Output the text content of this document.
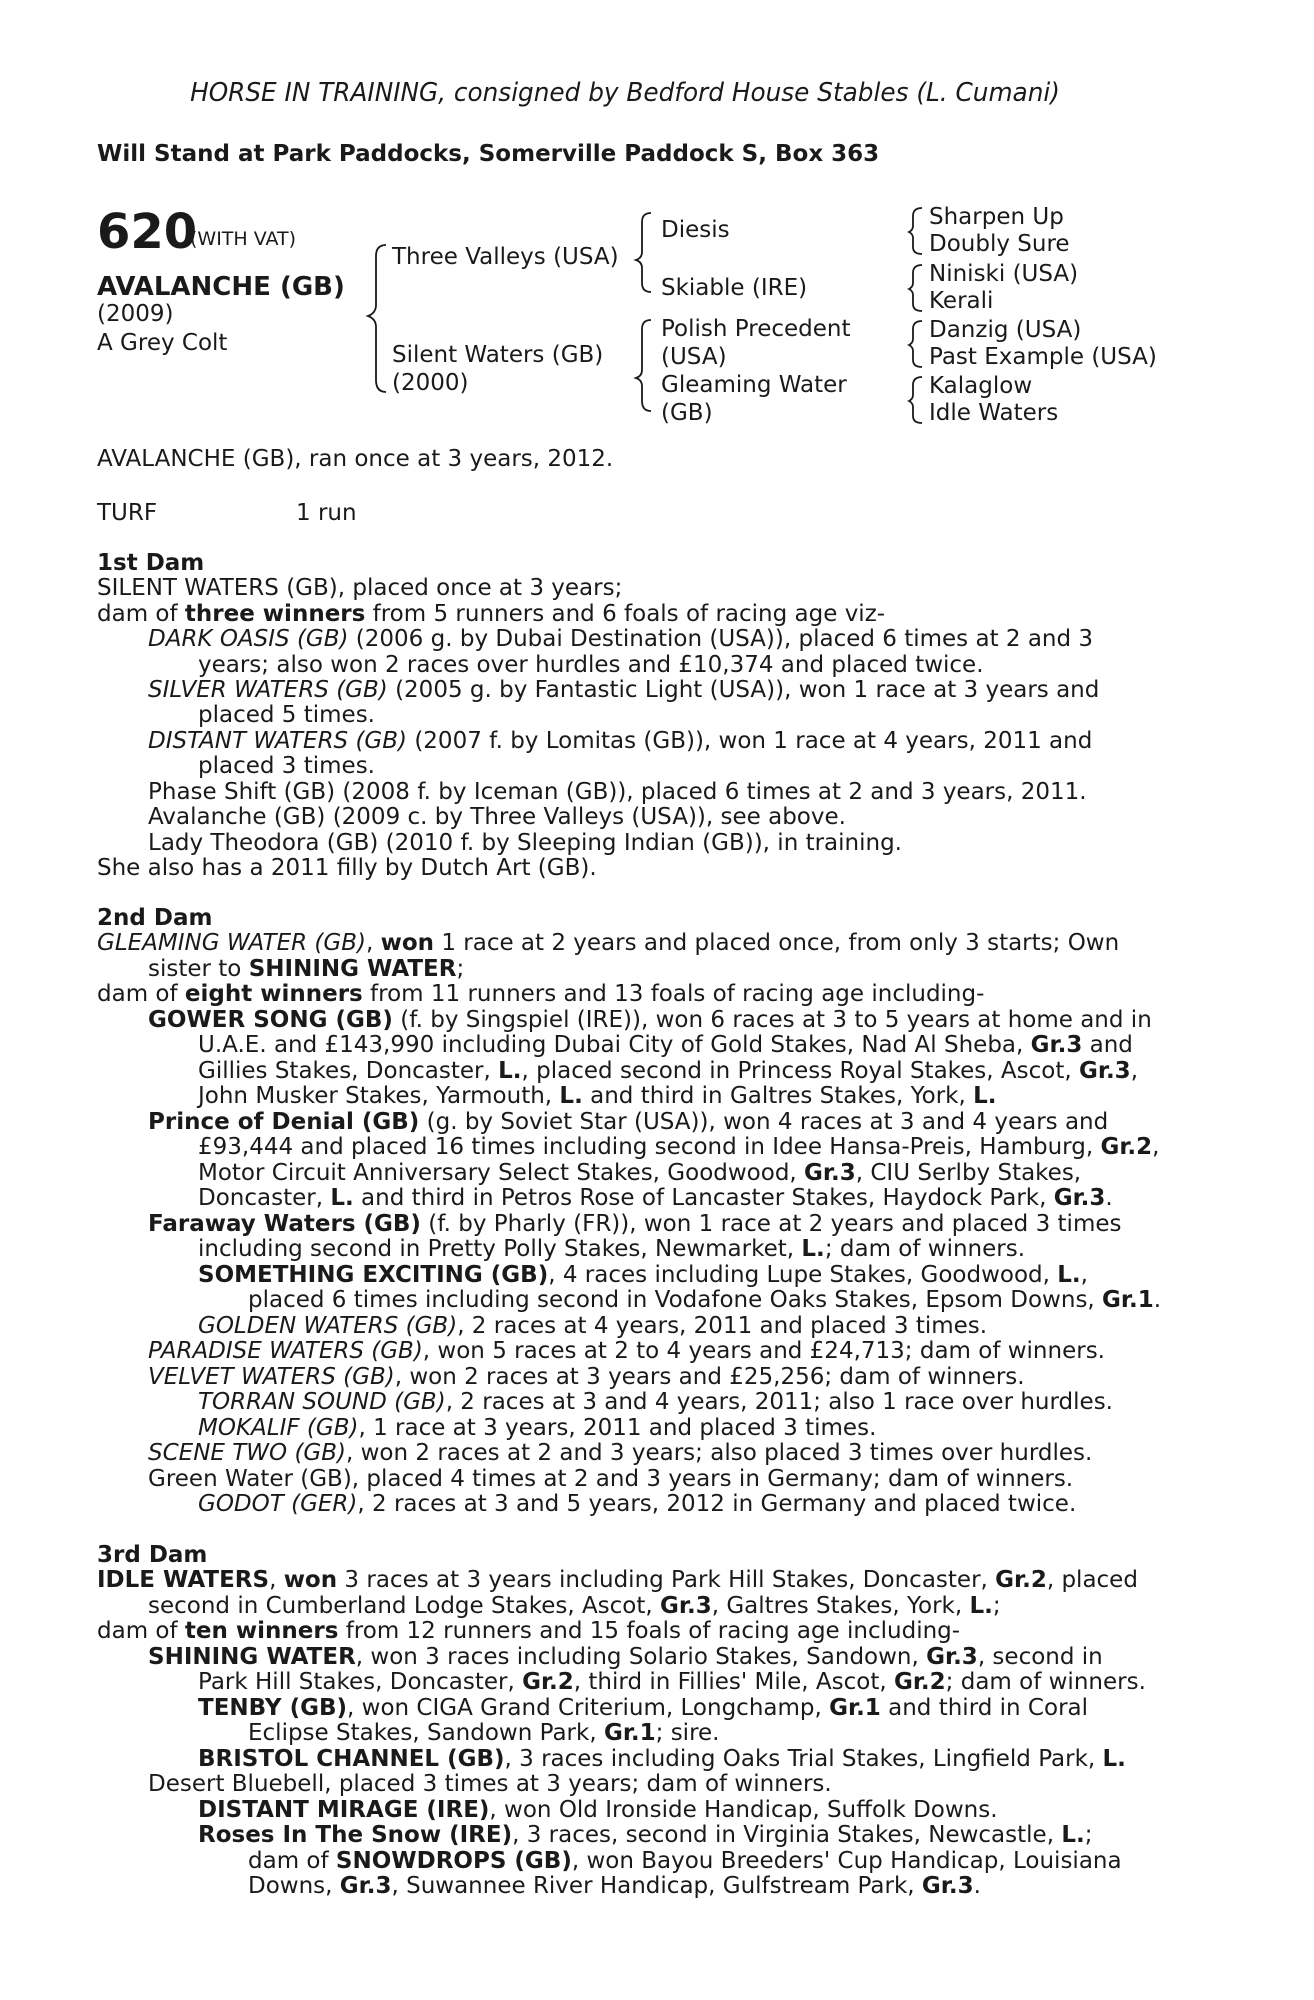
HORSE IN TRAINING, consigned by Bedford House Stables (L. Cumani)
Will Stand at Park Paddocks, Somerville Paddock S, Box 363
620
(WITH VAT)
AVALANCHE (GB)
(2009)
A Grey Colt
Three Valleys (USA)
Silent Waters (GB)
(2000)
Diesis
Skiable (IRE)
Polish Precedent
(USA)
Gleaming Water
(GB)
Sharpen Up
Doubly Sure
Niniski (USA)
Kerali
Danzig (USA)
Past Example (USA)
Kalaglow
Idle Waters
AVALANCHE (GB), ran once at 3 years, 2012.
TURF	1 run
1st Dam
SILENT WATERS (GB), placed once at 3 years;
dam of three winners from 5 runners and 6 foals of racing age viz-
DARK OASIS (GB) (2006 g. by Dubai Destination (USA)), placed 6 times at 2 and 3
years; also won 2 races over hurdles and £10,374 and placed twice.
SILVER WATERS (GB) (2005 g. by Fantastic Light (USA)), won 1 race at 3 years and
placed 5 times.
DISTANT WATERS (GB) (2007 f. by Lomitas (GB)), won 1 race at 4 years, 2011 and
placed 3 times.
Phase Shift (GB) (2008 f. by Iceman (GB)), placed 6 times at 2 and 3 years, 2011.
Avalanche (GB) (2009 c. by Three Valleys (USA)), see above.
Lady Theodora (GB) (2010 f. by Sleeping Indian (GB)), in training.
She also has a 2011 filly by Dutch Art (GB).
2nd Dam
GLEAMING WATER (GB), won 1 race at 2 years and placed once, from only 3 starts; Own
sister to SHINING WATER;
dam of eight winners from 11 runners and 13 foals of racing age including-
GOWER SONG (GB) (f. by Singspiel (IRE)), won 6 races at 3 to 5 years at home and in
U.A.E. and £143,990 including Dubai City of Gold Stakes, Nad Al Sheba, Gr.3 and
Gillies Stakes, Doncaster, L., placed second in Princess Royal Stakes, Ascot, Gr.3,
John Musker Stakes, Yarmouth, L. and third in Galtres Stakes, York, L.
Prince of Denial (GB) (g. by Soviet Star (USA)), won 4 races at 3 and 4 years and
£93,444 and placed 16 times including second in Idee Hansa-Preis, Hamburg, Gr.2,
Motor Circuit Anniversary Select Stakes, Goodwood, Gr.3, CIU Serlby Stakes,
Doncaster, L. and third in Petros Rose of Lancaster Stakes, Haydock Park, Gr.3.
Faraway Waters (GB) (f. by Pharly (FR)), won 1 race at 2 years and placed 3 times
including second in Pretty Polly Stakes, Newmarket, L.; dam of winners.
SOMETHING EXCITING (GB), 4 races including Lupe Stakes, Goodwood, L.,
placed 6 times including second in Vodafone Oaks Stakes, Epsom Downs, Gr.1.
GOLDEN WATERS (GB), 2 races at 4 years, 2011 and placed 3 times.
PARADISE WATERS (GB), won 5 races at 2 to 4 years and £24,713; dam of winners.
VELVET WATERS (GB), won 2 races at 3 years and £25,256; dam of winners.
TORRAN SOUND (GB), 2 races at 3 and 4 years, 2011; also 1 race over hurdles.
MOKALIF (GB), 1 race at 3 years, 2011 and placed 3 times.
SCENE TWO (GB), won 2 races at 2 and 3 years; also placed 3 times over hurdles.
Green Water (GB), placed 4 times at 2 and 3 years in Germany; dam of winners.
GODOT (GER), 2 races at 3 and 5 years, 2012 in Germany and placed twice.
3rd Dam
IDLE WATERS, won 3 races at 3 years including Park Hill Stakes, Doncaster, Gr.2, placed
second in Cumberland Lodge Stakes, Ascot, Gr.3, Galtres Stakes, York, L.;
dam of ten winners from 12 runners and 15 foals of racing age including-
SHINING WATER, won 3 races including Solario Stakes, Sandown, Gr.3, second in
Park Hill Stakes, Doncaster, Gr.2, third in Fillies' Mile, Ascot, Gr.2; dam of winners.
TENBY (GB), won CIGA Grand Criterium, Longchamp, Gr.1 and third in Coral
Eclipse Stakes, Sandown Park, Gr.1; sire.
BRISTOL CHANNEL (GB), 3 races including Oaks Trial Stakes, Lingfield Park, L.
Desert Bluebell, placed 3 times at 3 years; dam of winners.
DISTANT MIRAGE (IRE), won Old Ironside Handicap, Suffolk Downs.
Roses In The Snow (IRE), 3 races, second in Virginia Stakes, Newcastle, L.;
dam of SNOWDROPS (GB), won Bayou Breeders' Cup Handicap, Louisiana
Downs, Gr.3, Suwannee River Handicap, Gulfstream Park, Gr.3.
